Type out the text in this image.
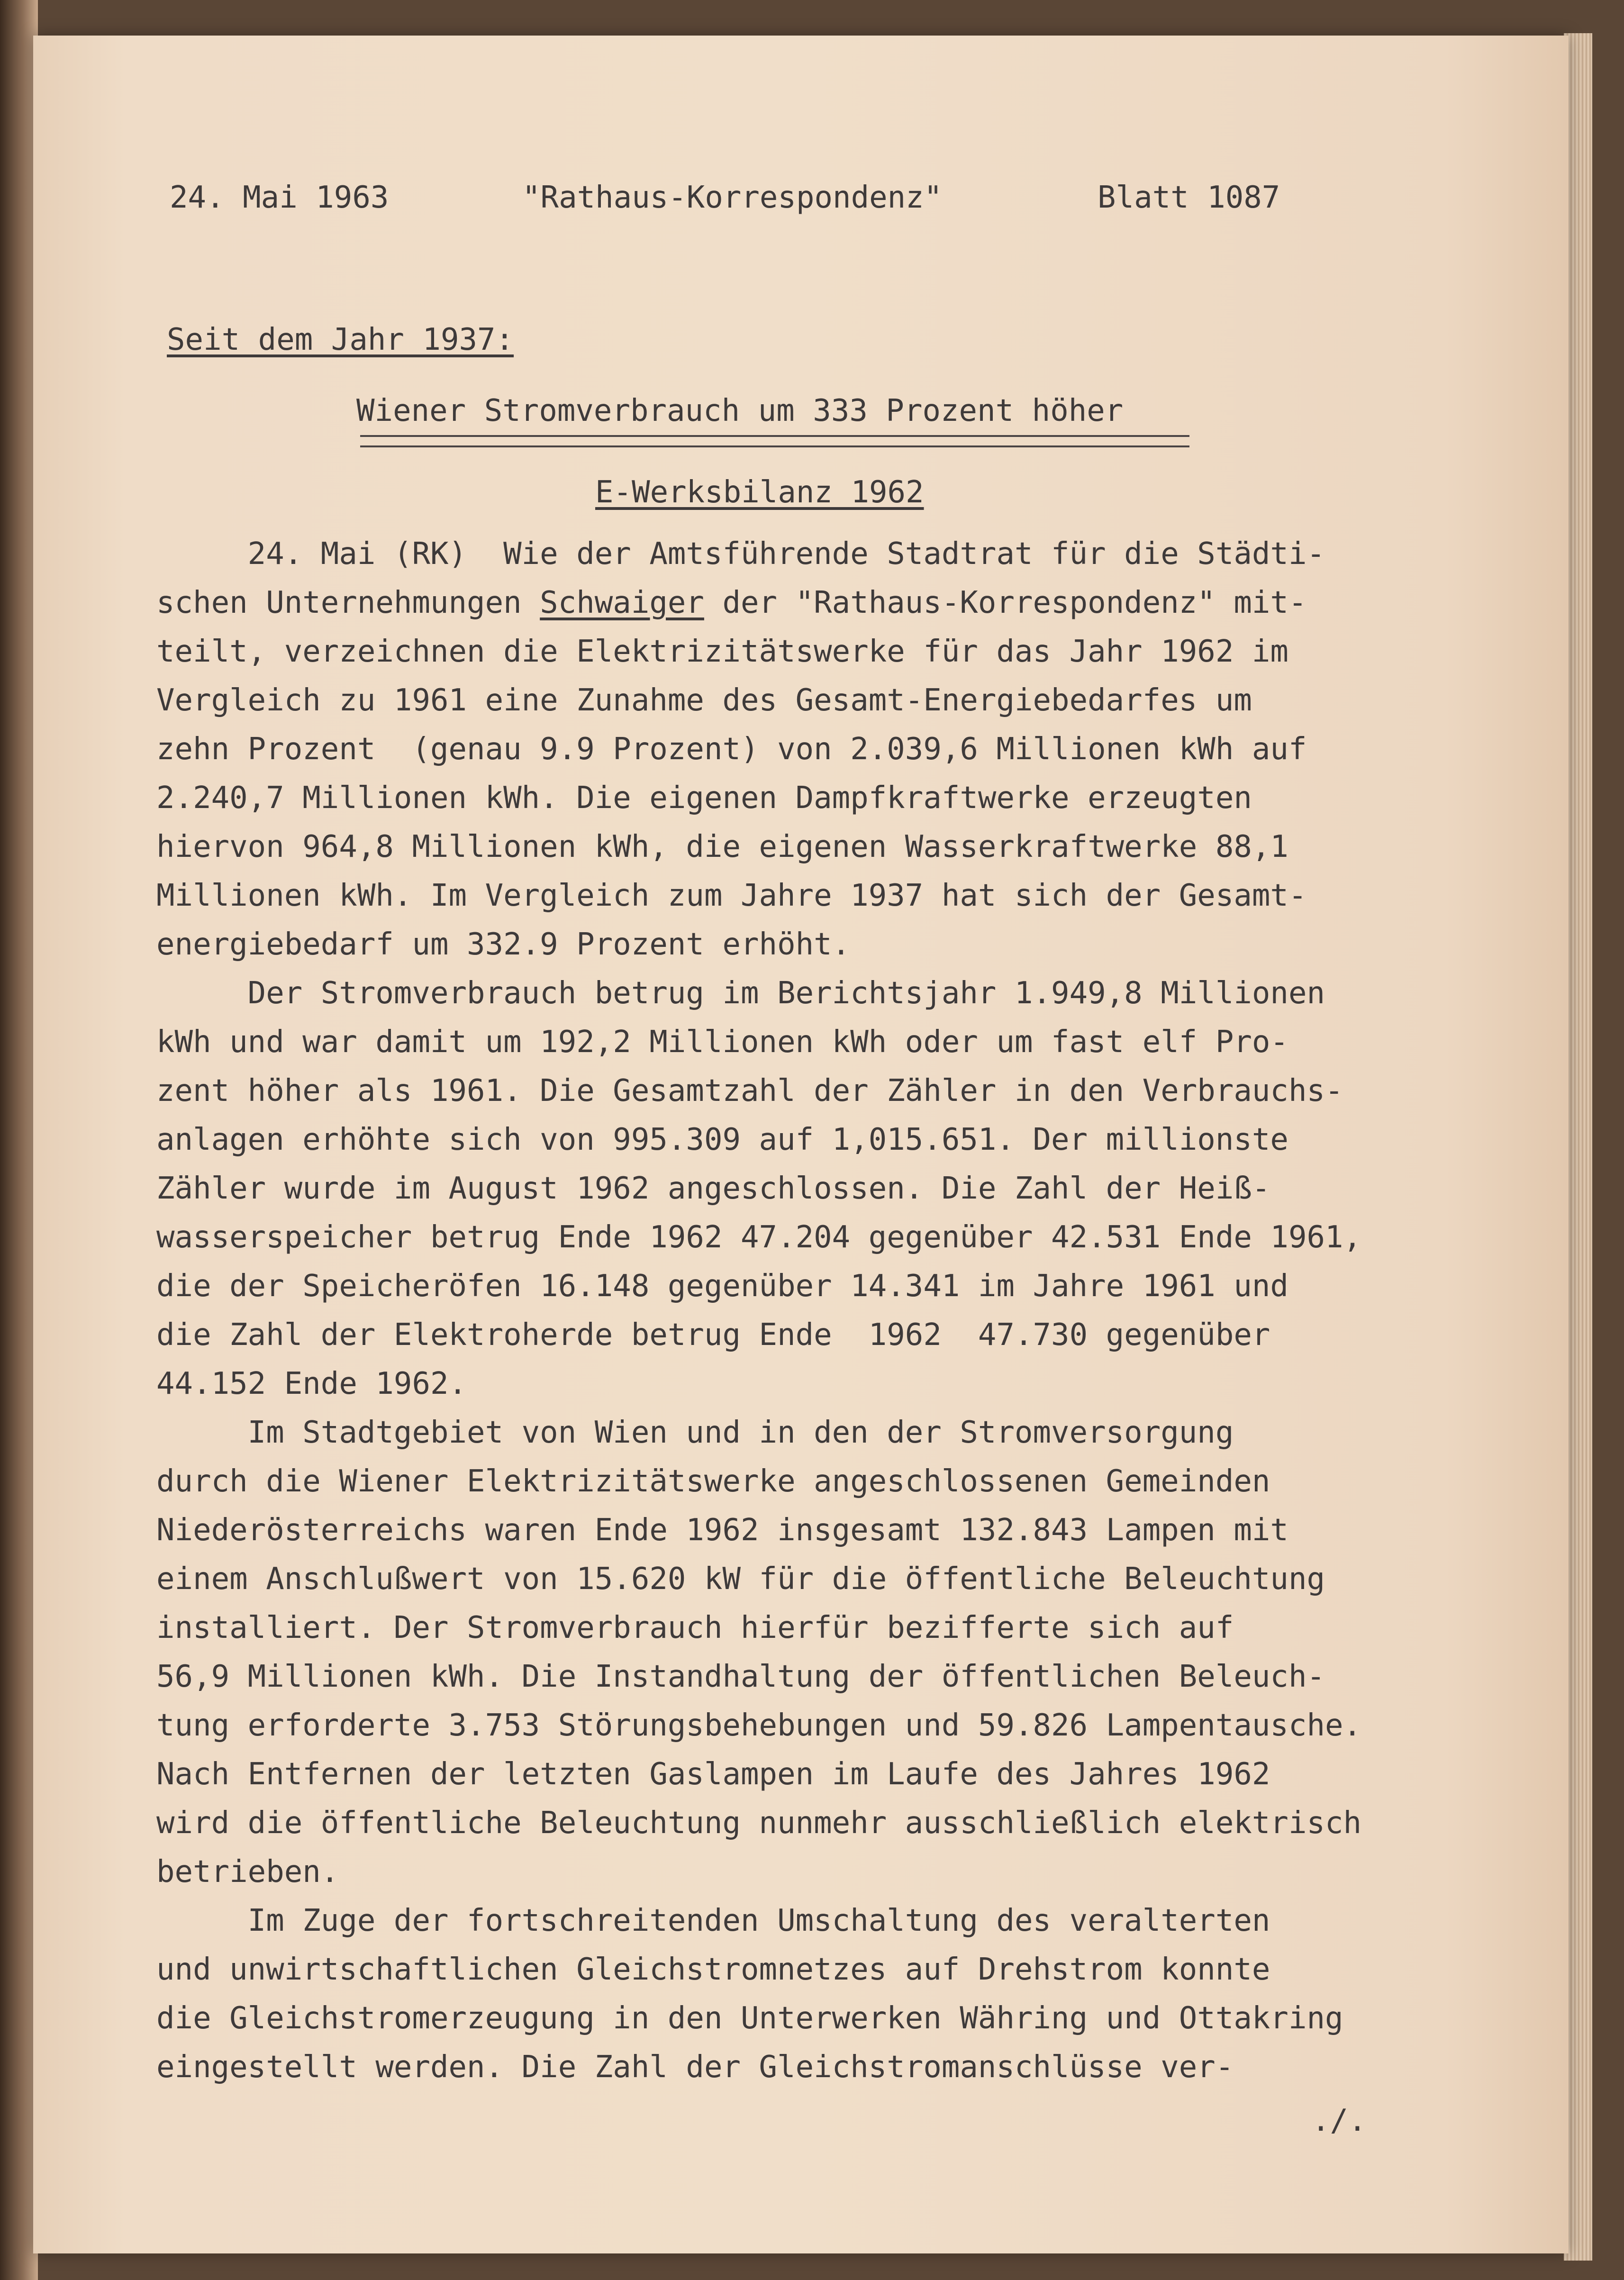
24. Mai 1963	"Rathaus-Korrespondenz"	Blatt 1087
Seit dem Jahr 1937:
Wiener Stromverbrauch um 333 Prozent höher
E-Werksbilanz 1962
24. Mai (RK)  Wie der Amtsführende Stadtrat für die Städti-
schen Unternehmungen Schwaiger der "Rathaus-Korrespondenz" mit-
teilt, verzeichnen die Elektrizitätswerke für das Jahr 1962 im
Vergleich zu 1961 eine Zunahme des Gesamt-Energiebedarfes um
zehn Prozent  (genau 9.9 Prozent) von 2.039,6 Millionen kWh auf
2.240,7 Millionen kWh. Die eigenen Dampfkraftwerke erzeugten
hiervon 964,8 Millionen kWh, die eigenen Wasserkraftwerke 88,1
Millionen kWh. Im Vergleich zum Jahre 1937 hat sich der Gesamt-
energiebedarf um 332.9 Prozent erhöht.
Der Stromverbrauch betrug im Berichtsjahr 1.949,8 Millionen
kWh und war damit um 192,2 Millionen kWh oder um fast elf Pro-
zent höher als 1961. Die Gesamtzahl der Zähler in den Verbrauchs-
anlagen erhöhte sich von 995.309 auf 1,015.651. Der millionste
Zähler wurde im August 1962 angeschlossen. Die Zahl der Heiß-
wasserspeicher betrug Ende 1962 47.204 gegenüber 42.531 Ende 1961,
die der Speicheröfen 16.148 gegenüber 14.341 im Jahre 1961 und
die Zahl der Elektroherde betrug Ende  1962  47.730 gegenüber
44.152 Ende 1962.
Im Stadtgebiet von Wien und in den der Stromversorgung
durch die Wiener Elektrizitätswerke angeschlossenen Gemeinden
Niederösterreichs waren Ende 1962 insgesamt 132.843 Lampen mit
einem Anschlußwert von 15.620 kW für die öffentliche Beleuchtung
installiert. Der Stromverbrauch hierfür bezifferte sich auf
56,9 Millionen kWh. Die Instandhaltung der öffentlichen Beleuch-
tung erforderte 3.753 Störungsbehebungen und 59.826 Lampentausche.
Nach Entfernen der letzten Gaslampen im Laufe des Jahres 1962
wird die öffentliche Beleuchtung nunmehr ausschließlich elektrisch
betrieben.
Im Zuge der fortschreitenden Umschaltung des veralterten
und unwirtschaftlichen Gleichstromnetzes auf Drehstrom konnte
die Gleichstromerzeugung in den Unterwerken Währing und Ottakring
eingestellt werden. Die Zahl der Gleichstromanschlüsse ver-
./.
